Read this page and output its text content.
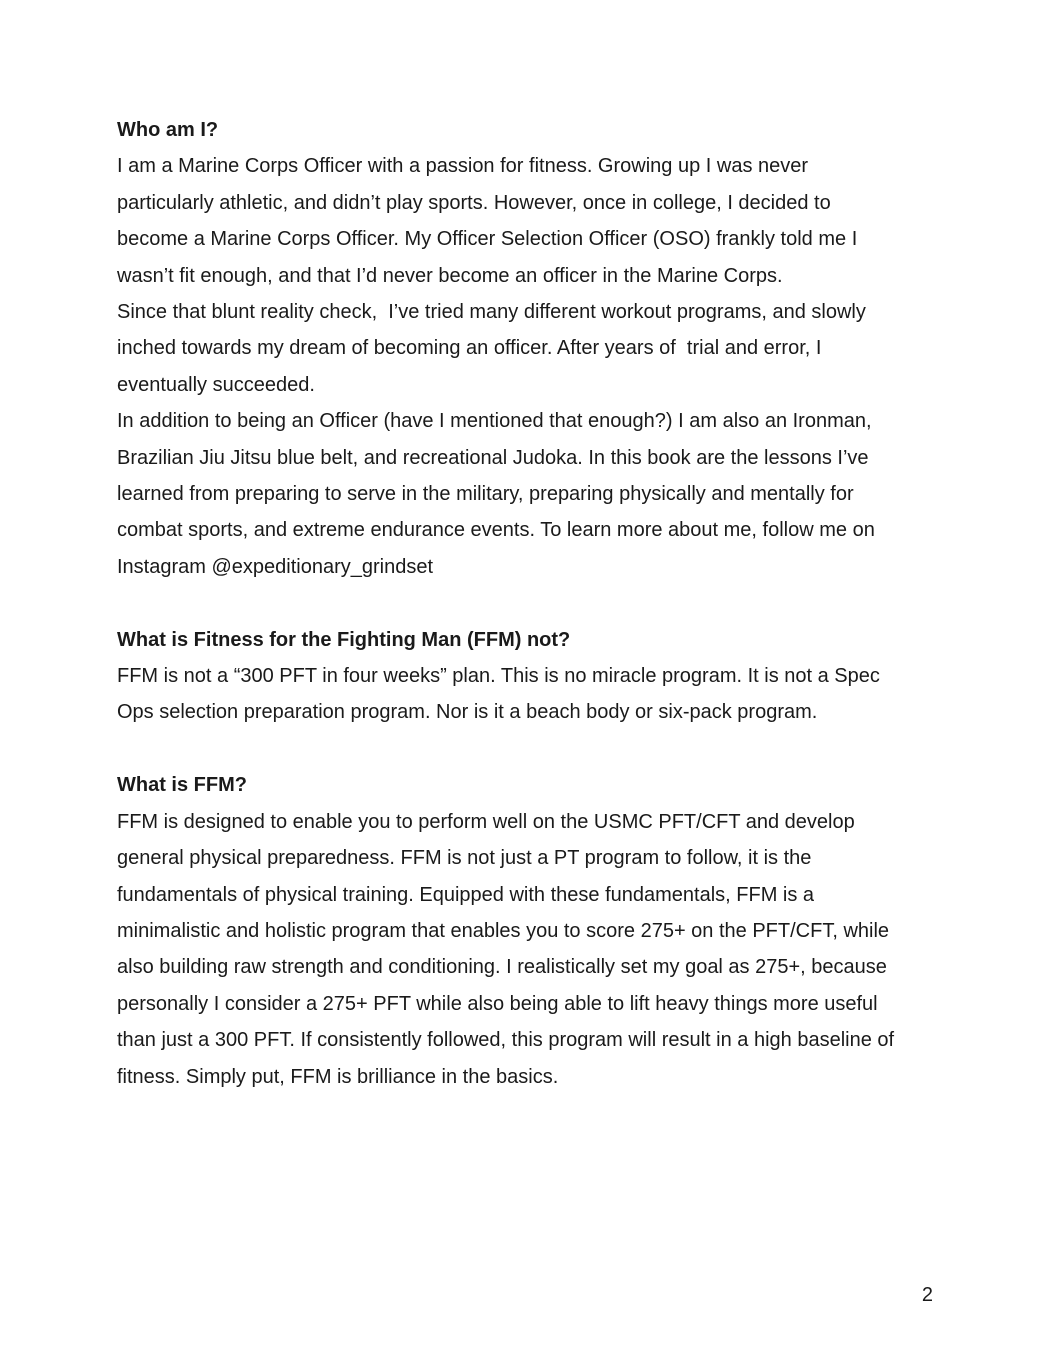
Who am I?
I am a Marine Corps Officer with a passion for fitness. Growing up I was never
particularly athletic, and didn’t play sports. However, once in college, I decided to
become a Marine Corps Officer. My Officer Selection Officer (OSO) frankly told me I
wasn’t fit enough, and that I’d never become an officer in the Marine Corps.
Since that blunt reality check,  I’ve tried many different workout programs, and slowly
inched towards my dream of becoming an officer. After years of  trial and error, I
eventually succeeded.
In addition to being an Officer (have I mentioned that enough?) I am also an Ironman,
Brazilian Jiu Jitsu blue belt, and recreational Judoka. In this book are the lessons I’ve
learned from preparing to serve in the military, preparing physically and mentally for
combat sports, and extreme endurance events. To learn more about me, follow me on
Instagram @expeditionary_grindset
What is Fitness for the Fighting Man (FFM) not?
FFM is not a “300 PFT in four weeks” plan. This is no miracle program. It is not a Spec
Ops selection preparation program. Nor is it a beach body or six-pack program.
What is FFM?
FFM is designed to enable you to perform well on the USMC PFT/CFT and develop
general physical preparedness. FFM is not just a PT program to follow, it is the
fundamentals of physical training. Equipped with these fundamentals, FFM is a
minimalistic and holistic program that enables you to score 275+ on the PFT/CFT, while
also building raw strength and conditioning. I realistically set my goal as 275+, because
personally I consider a 275+ PFT while also being able to lift heavy things more useful
than just a 300 PFT. If consistently followed, this program will result in a high baseline of
fitness. Simply put, FFM is brilliance in the basics.
2
